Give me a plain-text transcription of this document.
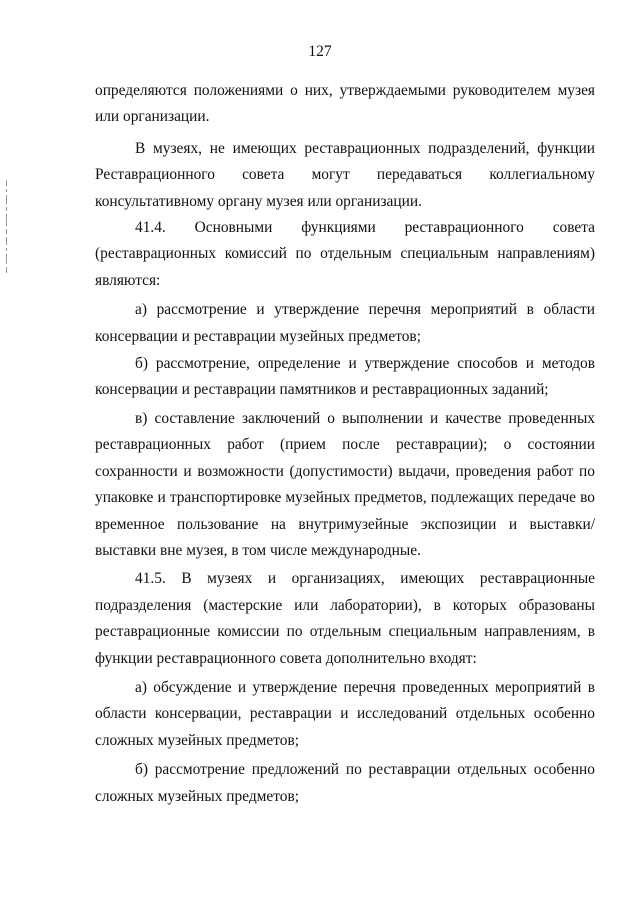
127

определяются положениями о них, утверждаемыми руководителем музея или организации.

В музеях, не имеющих реставрационных подразделений, функции Реставрационного совета могут передаваться коллегиальному консультативному органу музея или организации.

41.4. Основными функциями реставрационного совета (реставрационных комиссий по отдельным специальным направлениям) являются:

а) рассмотрение и утверждение перечня мероприятий в области консервации и реставрации музейных предметов;

б) рассмотрение, определение и утверждение способов и методов консервации и реставрации памятников и реставрационных заданий;

в) составление заключений о выполнении и качестве проведенных реставрационных работ (прием после реставрации); о состоянии сохранности и возможности (допустимости) выдачи, проведения работ по упаковке и транспортировке музейных предметов, подлежащих передаче во временное пользование на внутримузейные экспозиции и выставки/ выставки вне музея, в том числе международные.

41.5. В музеях и организациях, имеющих реставрационные подразделения (мастерские или лаборатории), в которых образованы реставрационные комиссии по отдельным специальным направлениям, в функции реставрационного совета дополнительно входят:

а) обсуждение и утверждение перечня проведенных мероприятий в области консервации, реставрации и исследований отдельных особенно сложных музейных предметов;

б) рассмотрение предложений по реставрации отдельных особенно сложных музейных предметов;
